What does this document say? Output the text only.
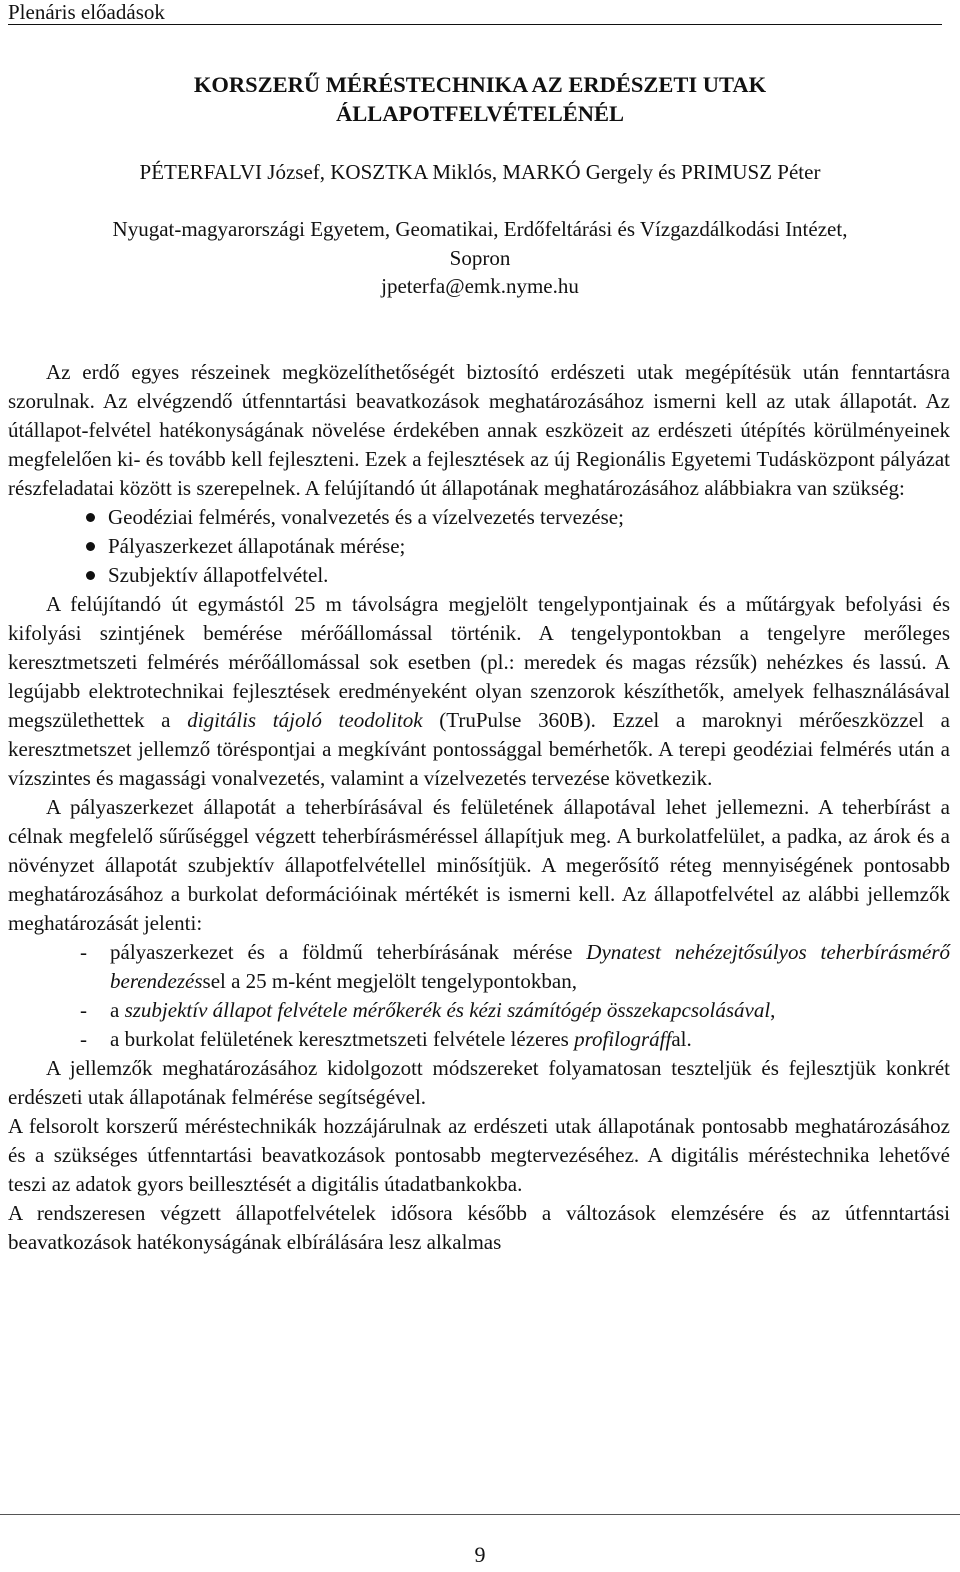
Plenáris előadások
KORSZERŰ MÉRÉSTECHNIKA AZ ERDÉSZETI UTAK
ÁLLAPOTFELVÉTELÉNÉL
PÉTERFALVI József, KOSZTKA Miklós, MARKÓ Gergely és PRIMUSZ Péter
Nyugat-magyarországi Egyetem, Geomatikai, Erdőfeltárási és Vízgazdálkodási Intézet,
Sopron
jpeterfa@emk.nyme.hu

Az erdő egyes részeinek megközelíthetőségét biztosító erdészeti utak megépítésük után fenntartásra szorulnak. Az elvégzendő útfenntartási beavatkozások meghatározásához ismerni kell az utak állapotát. Az útállapot-felvétel hatékonyságának növelése érdekében annak eszközeit az erdészeti útépítés körülményeinek megfelelően ki- és tovább kell fejleszteni. Ezek a fejlesztések az új Regionális Egyetemi Tudásközpont pályázat részfeladatai között is szerepelnek. A felújítandó út állapotának meghatározásához alábbiakra van szükség:

Geodéziai felmérés, vonalvezetés és a vízelvezetés tervezése;
Pályaszerkezet állapotának mérése;
Szubjektív állapotfelvétel.

A felújítandó út egymástól 25 m távolságra megjelölt tengelypontjainak és a műtárgyak befolyási és kifolyási szintjének bemérése mérőállomással történik. A tengelypontokban a tengelyre merőleges keresztmetszeti felmérés mérőállomással sok esetben (pl.: meredek és magas rézsűk) nehézkes és lassú. A legújabb elektrotechnikai fejlesztések eredményeként olyan szenzorok készíthetők, amelyek felhasználásával megszülethettek a digitális tájoló teodolitok (TruPulse 360B). Ezzel a maroknyi mérőeszközzel a keresztmetszet jellemző töréspontjai a megkívánt pontossággal bemérhetők. A terepi geodéziai felmérés után a vízszintes és magassági vonalvezetés, valamint a vízelvezetés tervezése következik.

A pályaszerkezet állapotát a teherbírásával és felületének állapotával lehet jellemezni. A teherbírást a célnak megfelelő sűrűséggel végzett teherbírásméréssel állapítjuk meg. A burkolatfelület, a padka, az árok és a növényzet állapotát szubjektív állapotfelvétellel minősítjük. A megerősítő réteg mennyiségének pontosabb meghatározásához a burkolat deformációinak mértékét is ismerni kell. Az állapotfelvétel az alábbi jellemzők meghatározását jelenti:

- pályaszerkezet és a földmű teherbírásának mérése Dynatest nehézejtősúlyos teherbírásmérő berendezéssel a 25 m-ként megjelölt tengelypontokban,
- a szubjektív állapot felvétele mérőkerék és kézi számítógép összekapcsolásával,
- a burkolat felületének keresztmetszeti felvétele lézeres profilográffal.

A jellemzők meghatározásához kidolgozott módszereket folyamatosan teszteljük és fejlesztjük konkrét erdészeti utak állapotának felmérése segítségével.

A felsorolt korszerű méréstechnikák hozzájárulnak az erdészeti utak állapotának pontosabb meghatározásához és a szükséges útfenntartási beavatkozások pontosabb megtervezéséhez. A digitális méréstechnika lehetővé teszi az adatok gyors beillesztését a digitális útadatbankokba.

A rendszeresen végzett állapotfelvételek idősora később a változások elemzésére és az útfenntartási beavatkozások hatékonyságának elbírálására lesz alkalmas

9
